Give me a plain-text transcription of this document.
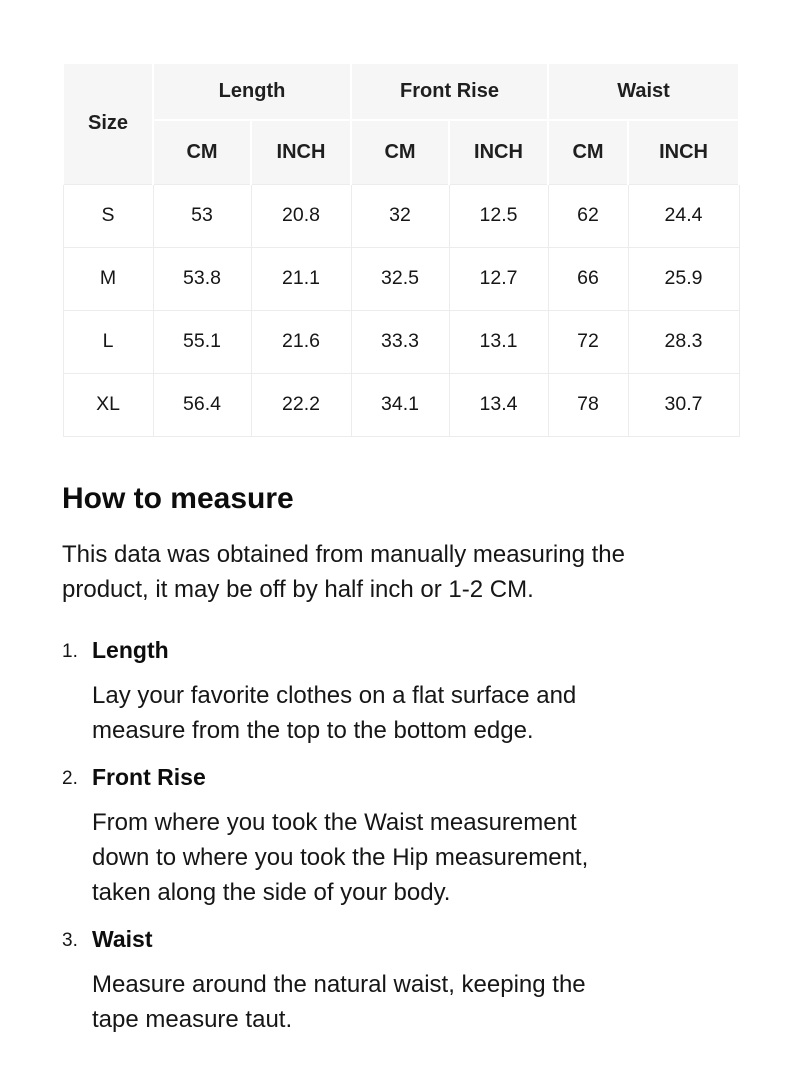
Size	Length		Front Rise		Waist	
	CM	INCH	CM	INCH	CM	INCH
S	53	20.8	32	12.5	62	24.4
M	53.8	21.1	32.5	12.7	66	25.9
L	55.1	21.6	33.3	13.1	72	28.3
XL	56.4	22.2	34.1	13.4	78	30.7
How to measure
This data was obtained from manually measuring the
product, it may be off by half inch or 1-2 CM.
1. Length
Lay your favorite clothes on a flat surface and
measure from the top to the bottom edge.
2. Front Rise
From where you took the Waist measurement
down to where you took the Hip measurement,
taken along the side of your body.
3. Waist
Measure around the natural waist, keeping the
tape measure taut.
